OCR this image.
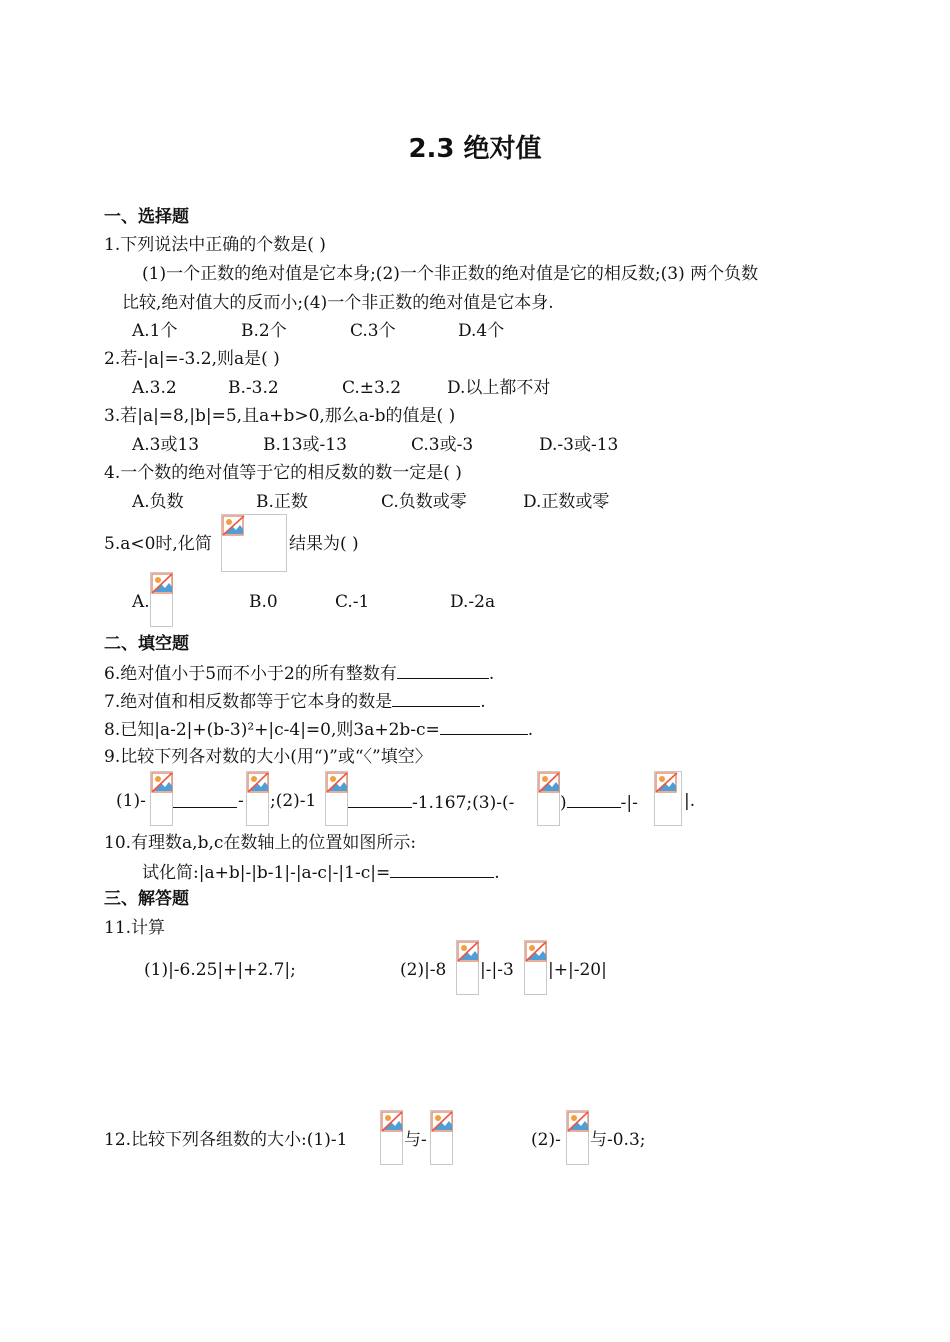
2.3 绝对值
一、选择题
1.下列说法中正确的个数是( )
(1)一个正数的绝对值是它本身;(2)一个非正数的绝对值是它的相反数;(3) 两个负数
比较,绝对值大的反而小;(4)一个非正数的绝对值是它本身.
A.1个	B.2个	C.3个	D.4个
2.若-|a|=-3.2,则a是( )
A.3.2	B.-3.2	C.±3.2	D.以上都不对
3.若|a|=8,|b|=5,且a+b>0,那么a-b的值是( )
A.3或13	B.13或-13	C.3或-3	D.-3或-13
4.一个数的绝对值等于它的相反数的数一定是( )
A.负数	B.正数	C.负数或零	D.正数或零
5.a<0时,化简	结果为( )
A.	B.0	C.-1	D.-2a
二、填空题
6.绝对值小于5而不小于2的所有整数有	.
7.绝对值和相反数都等于它本身的数是	.
8.已知|a-2|+(b-3)²+|c-4|=0,则3a+2b-c=	.
9.比较下列各对数的大小(用“)”或“〈”填空〉
(1)-	- ;(2)-1	-1.167;(3)-(-	)	-|-	|.
10.有理数a,b,c在数轴上的位置如图所示:
试化简:|a+b|-|b-1|-|a-c|-|1-c|=	.
三、解答题
11.计算
(1)|-6.25|+|+2.7|;	(2)|-8 |-|-3 |+|-20|
12.比较下列各组数的大小:(1)-1	与-	(2)- 与-0.3;
